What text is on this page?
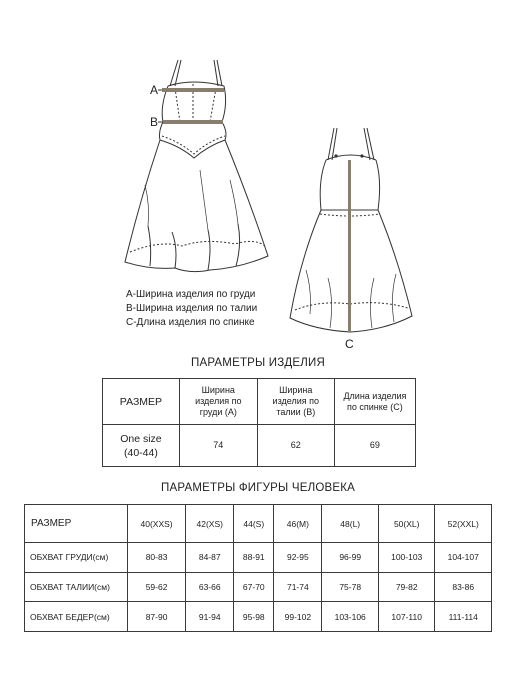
A
B
C
A-Ширина изделия по груди
B-Ширина изделия по талии
C-Длина изделия по спинке
ПАРАМЕТРЫ ИЗДЕЛИЯ
РАЗМЕР	Ширина изделия по груди (A)	Ширина изделия по талии (B)	Длина изделия по спинке (C)

One size
(40-44)	74	62	69
ПАРАМЕТРЫ ФИГУРЫ ЧЕЛОВЕКА
РАЗМЕР	40(XXS)	42(XS)	44(S)	46(M)	48(L)	50(XL)	52(XXL)
ОБХВАТ ГРУДИ(см)	80-83	84-87	88-91	92-95	96-99	100-103	104-107
ОБХВАТ ТАЛИИ(см)	59-62	63-66	67-70	71-74	75-78	79-82	83-86
ОБХВАТ БЕДЕР(см)	87-90	91-94	95-98	99-102	103-106	107-110	111-114
